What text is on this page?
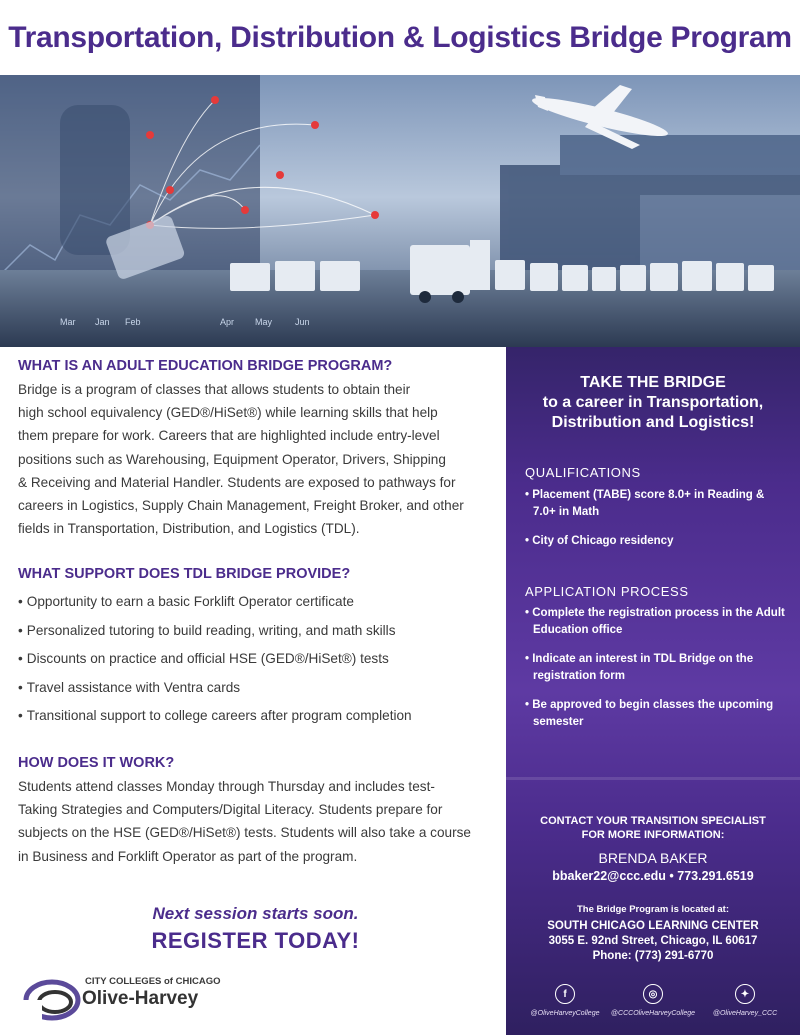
Transportation, Distribution & Logistics Bridge Program
Apr May	Jun
Mar Jan Feb
WHAT IS AN ADULT EDUCATION BRIDGE PROGRAM?
Bridge is a program of classes that allows students to obtain their
high school equivalency (GED®/HiSet®) while learning skills that help
them prepare for work. Careers that are highlighted include entry-level
positions such as Warehousing, Equipment Operator, Drivers, Shipping
& Receiving and Material Handler. Students are exposed to pathways for
careers in Logistics, Supply Chain Management, Freight Broker, and other
fields in Transportation, Distribution, and Logistics (TDL).
WHAT SUPPORT DOES TDL BRIDGE PROVIDE?
• Opportunity to earn a basic Forklift Operator certificate
• Personalized tutoring to build reading, writing, and math skills
• Discounts on practice and official HSE (GED®/HiSet®) tests
• Travel assistance with Ventra cards
• Transitional support to college careers after program completion
HOW DOES IT WORK?
Students attend classes Monday through Thursday and includes test-
Taking Strategies and Computers/Digital Literacy. Students prepare for
subjects on the HSE (GED®/HiSet®) tests. Students will also take a course
in Business and Forklift Operator as part of the program.
Next session starts soon.
REGISTER TODAY!
CITY COLLEGES of CHICAGO
Olive-Harvey
TAKE THE BRIDGE
to a career in Transportation,
Distribution and Logistics!
QUALIFICATIONS
• Placement (TABE) score 8.0+ in Reading & 7.0+ in Math
• City of Chicago residency
APPLICATION PROCESS
• Complete the registration process in the Adult Education office
• Indicate an interest in TDL Bridge on the registration form
• Be approved to begin classes the upcoming semester
CONTACT YOUR TRANSITION SPECIALIST
FOR MORE INFORMATION:
BRENDA BAKER
bbaker22@ccc.edu • 773.291.6519
The Bridge Program is located at:
SOUTH CHICAGO LEARNING CENTER
3055 E. 92nd Street, Chicago, IL 60617
Phone: (773) 291-6770
f
@OliveHarveyCollege
◎
@CCCOliveHarveyCollege
✦
@OliveHarvey_CCC
